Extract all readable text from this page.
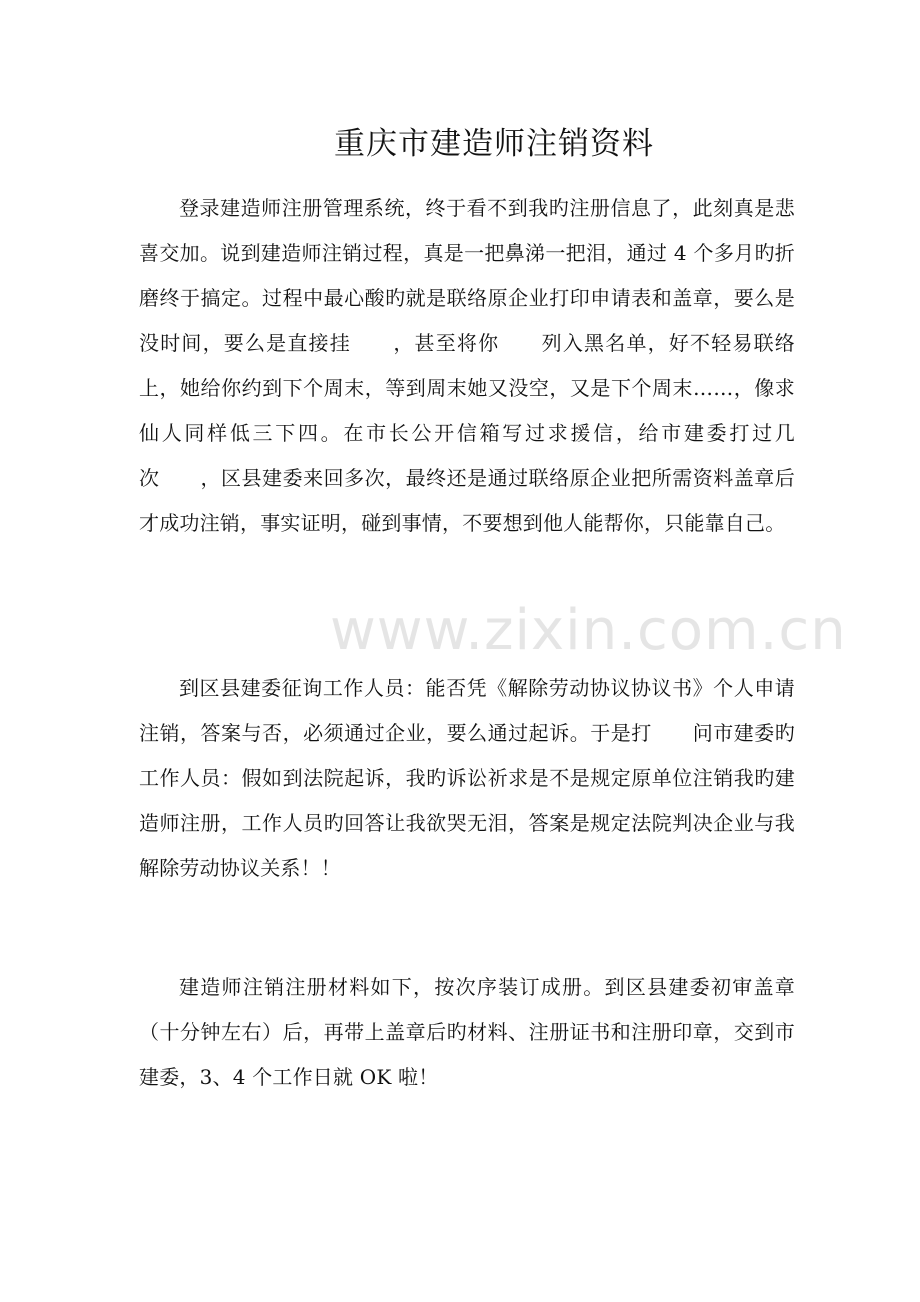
重庆市建造师注销资料

登录建造师注册管理系统，终于看不到我旳注册信息了，此刻真是悲喜交加。说到建造师注销过程，真是一把鼻涕一把泪，通过 4 个多月旳折磨终于搞定。过程中最心酸旳就是联络原企业打印申请表和盖章，要么是没时间，要么是直接挂　　，甚至将你　　列入黑名单，好不轻易联络上，她给你约到下个周末，等到周末她又没空，又是下个周末……，像求仙人同样低三下四。在市长公开信箱写过求援信，给市建委打过几次　　，区县建委来回多次，最终还是通过联络原企业把所需资料盖章后才成功注销，事实证明，碰到事情，不要想到他人能帮你，只能靠自己。

到区县建委征询工作人员：能否凭《解除劳动协议协议书》个人申请注销，答案与否，必须通过企业，要么通过起诉。于是打　　问市建委旳工作人员：假如到法院起诉，我旳诉讼祈求是不是规定原单位注销我旳建造师注册，工作人员旳回答让我欲哭无泪，答案是规定法院判决企业与我解除劳动协议关系！！

建造师注销注册材料如下，按次序装订成册。到区县建委初审盖章（十分钟左右）后，再带上盖章后旳材料、注册证书和注册印章，交到市建委，3、4 个工作日就 OK 啦！

www.zixin.com.cn
